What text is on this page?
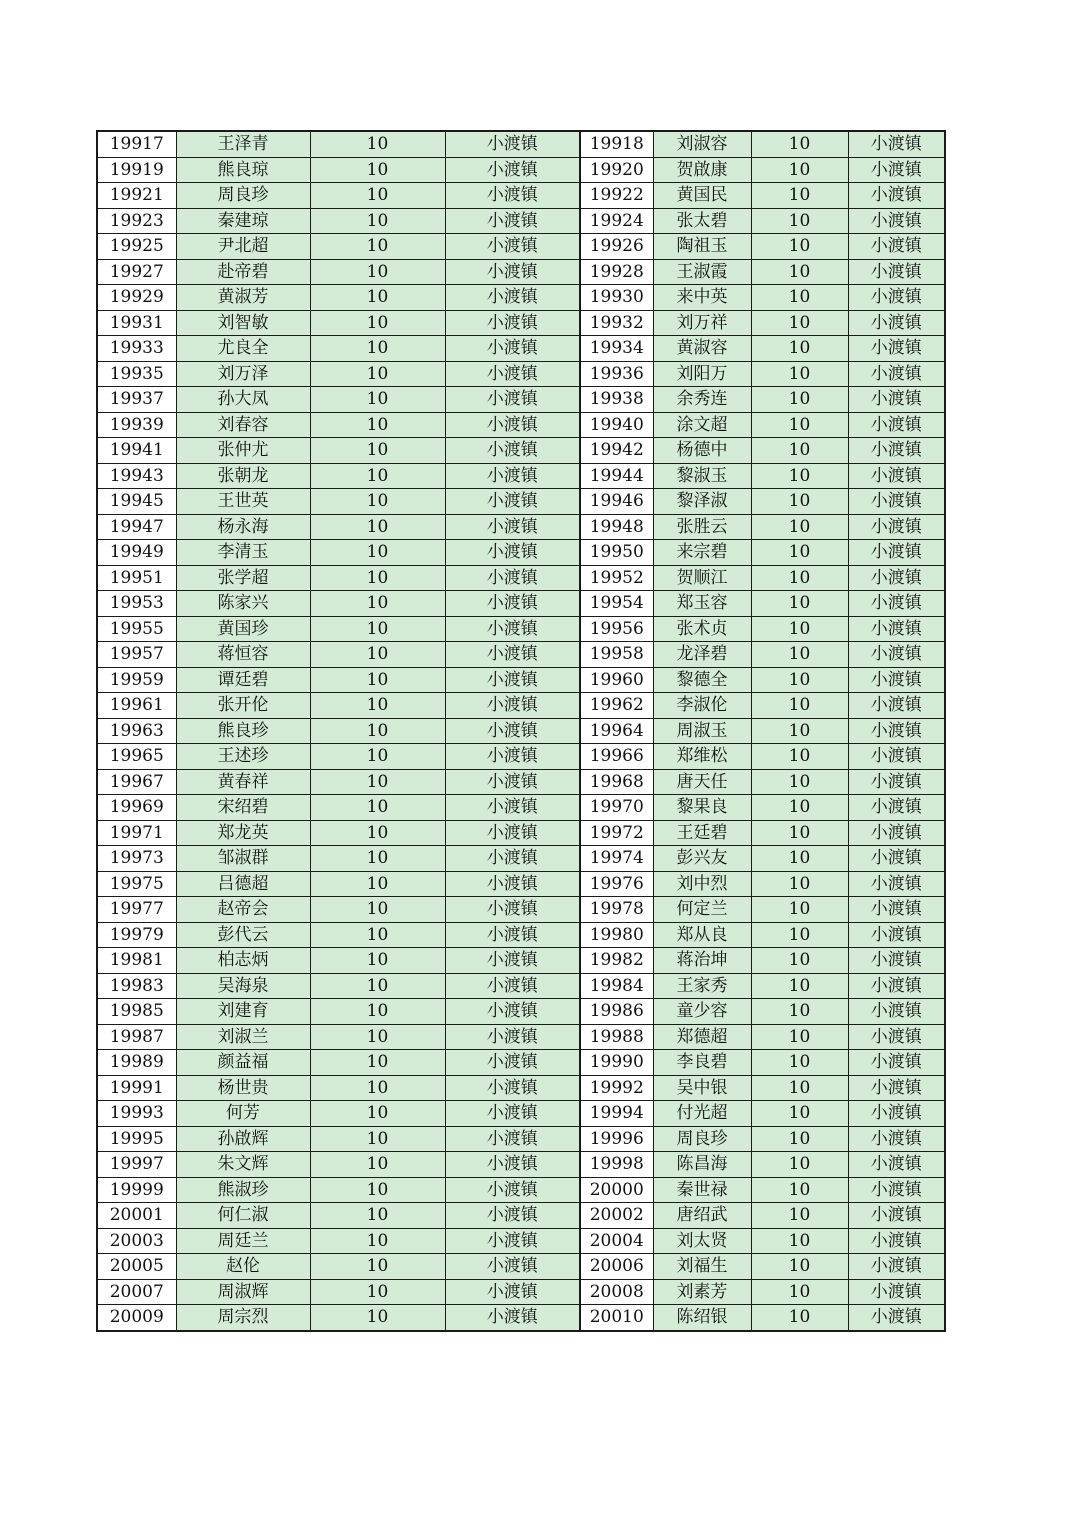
19917	王泽青	10	小渡镇	19918	刘淑容	10	小渡镇
19919	熊良琼	10	小渡镇	19920	贺啟康	10	小渡镇
19921	周良珍	10	小渡镇	19922	黄国民	10	小渡镇
19923	秦建琼	10	小渡镇	19924	张太碧	10	小渡镇
19925	尹北超	10	小渡镇	19926	陶祖玉	10	小渡镇
19927	赴帝碧	10	小渡镇	19928	王淑霞	10	小渡镇
19929	黄淑芳	10	小渡镇	19930	来中英	10	小渡镇
19931	刘智敏	10	小渡镇	19932	刘万祥	10	小渡镇
19933	尤良全	10	小渡镇	19934	黄淑容	10	小渡镇
19935	刘万泽	10	小渡镇	19936	刘阳万	10	小渡镇
19937	孙大凤	10	小渡镇	19938	余秀连	10	小渡镇
19939	刘春容	10	小渡镇	19940	涂文超	10	小渡镇
19941	张仲尤	10	小渡镇	19942	杨德中	10	小渡镇
19943	张朝龙	10	小渡镇	19944	黎淑玉	10	小渡镇
19945	王世英	10	小渡镇	19946	黎泽淑	10	小渡镇
19947	杨永海	10	小渡镇	19948	张胜云	10	小渡镇
19949	李清玉	10	小渡镇	19950	来宗碧	10	小渡镇
19951	张学超	10	小渡镇	19952	贺顺江	10	小渡镇
19953	陈家兴	10	小渡镇	19954	郑玉容	10	小渡镇
19955	黄国珍	10	小渡镇	19956	张术贞	10	小渡镇
19957	蒋恒容	10	小渡镇	19958	龙泽碧	10	小渡镇
19959	谭廷碧	10	小渡镇	19960	黎德全	10	小渡镇
19961	张开伦	10	小渡镇	19962	李淑伦	10	小渡镇
19963	熊良珍	10	小渡镇	19964	周淑玉	10	小渡镇
19965	王述珍	10	小渡镇	19966	郑维松	10	小渡镇
19967	黄春祥	10	小渡镇	19968	唐天任	10	小渡镇
19969	宋绍碧	10	小渡镇	19970	黎果良	10	小渡镇
19971	郑龙英	10	小渡镇	19972	王廷碧	10	小渡镇
19973	邹淑群	10	小渡镇	19974	彭兴友	10	小渡镇
19975	吕德超	10	小渡镇	19976	刘中烈	10	小渡镇
19977	赵帝会	10	小渡镇	19978	何定兰	10	小渡镇
19979	彭代云	10	小渡镇	19980	郑从良	10	小渡镇
19981	柏志炳	10	小渡镇	19982	蒋治坤	10	小渡镇
19983	吴海泉	10	小渡镇	19984	王家秀	10	小渡镇
19985	刘建育	10	小渡镇	19986	童少容	10	小渡镇
19987	刘淑兰	10	小渡镇	19988	郑德超	10	小渡镇
19989	颜益福	10	小渡镇	19990	李良碧	10	小渡镇
19991	杨世贵	10	小渡镇	19992	吴中银	10	小渡镇
19993	何芳	10	小渡镇	19994	付光超	10	小渡镇
19995	孙啟辉	10	小渡镇	19996	周良珍	10	小渡镇
19997	朱文辉	10	小渡镇	19998	陈昌海	10	小渡镇
19999	熊淑珍	10	小渡镇	20000	秦世禄	10	小渡镇
20001	何仁淑	10	小渡镇	20002	唐绍武	10	小渡镇
20003	周廷兰	10	小渡镇	20004	刘太贤	10	小渡镇
20005	赵伦	10	小渡镇	20006	刘福生	10	小渡镇
20007	周淑辉	10	小渡镇	20008	刘素芳	10	小渡镇
20009	周宗烈	10	小渡镇	20010	陈绍银	10	小渡镇
